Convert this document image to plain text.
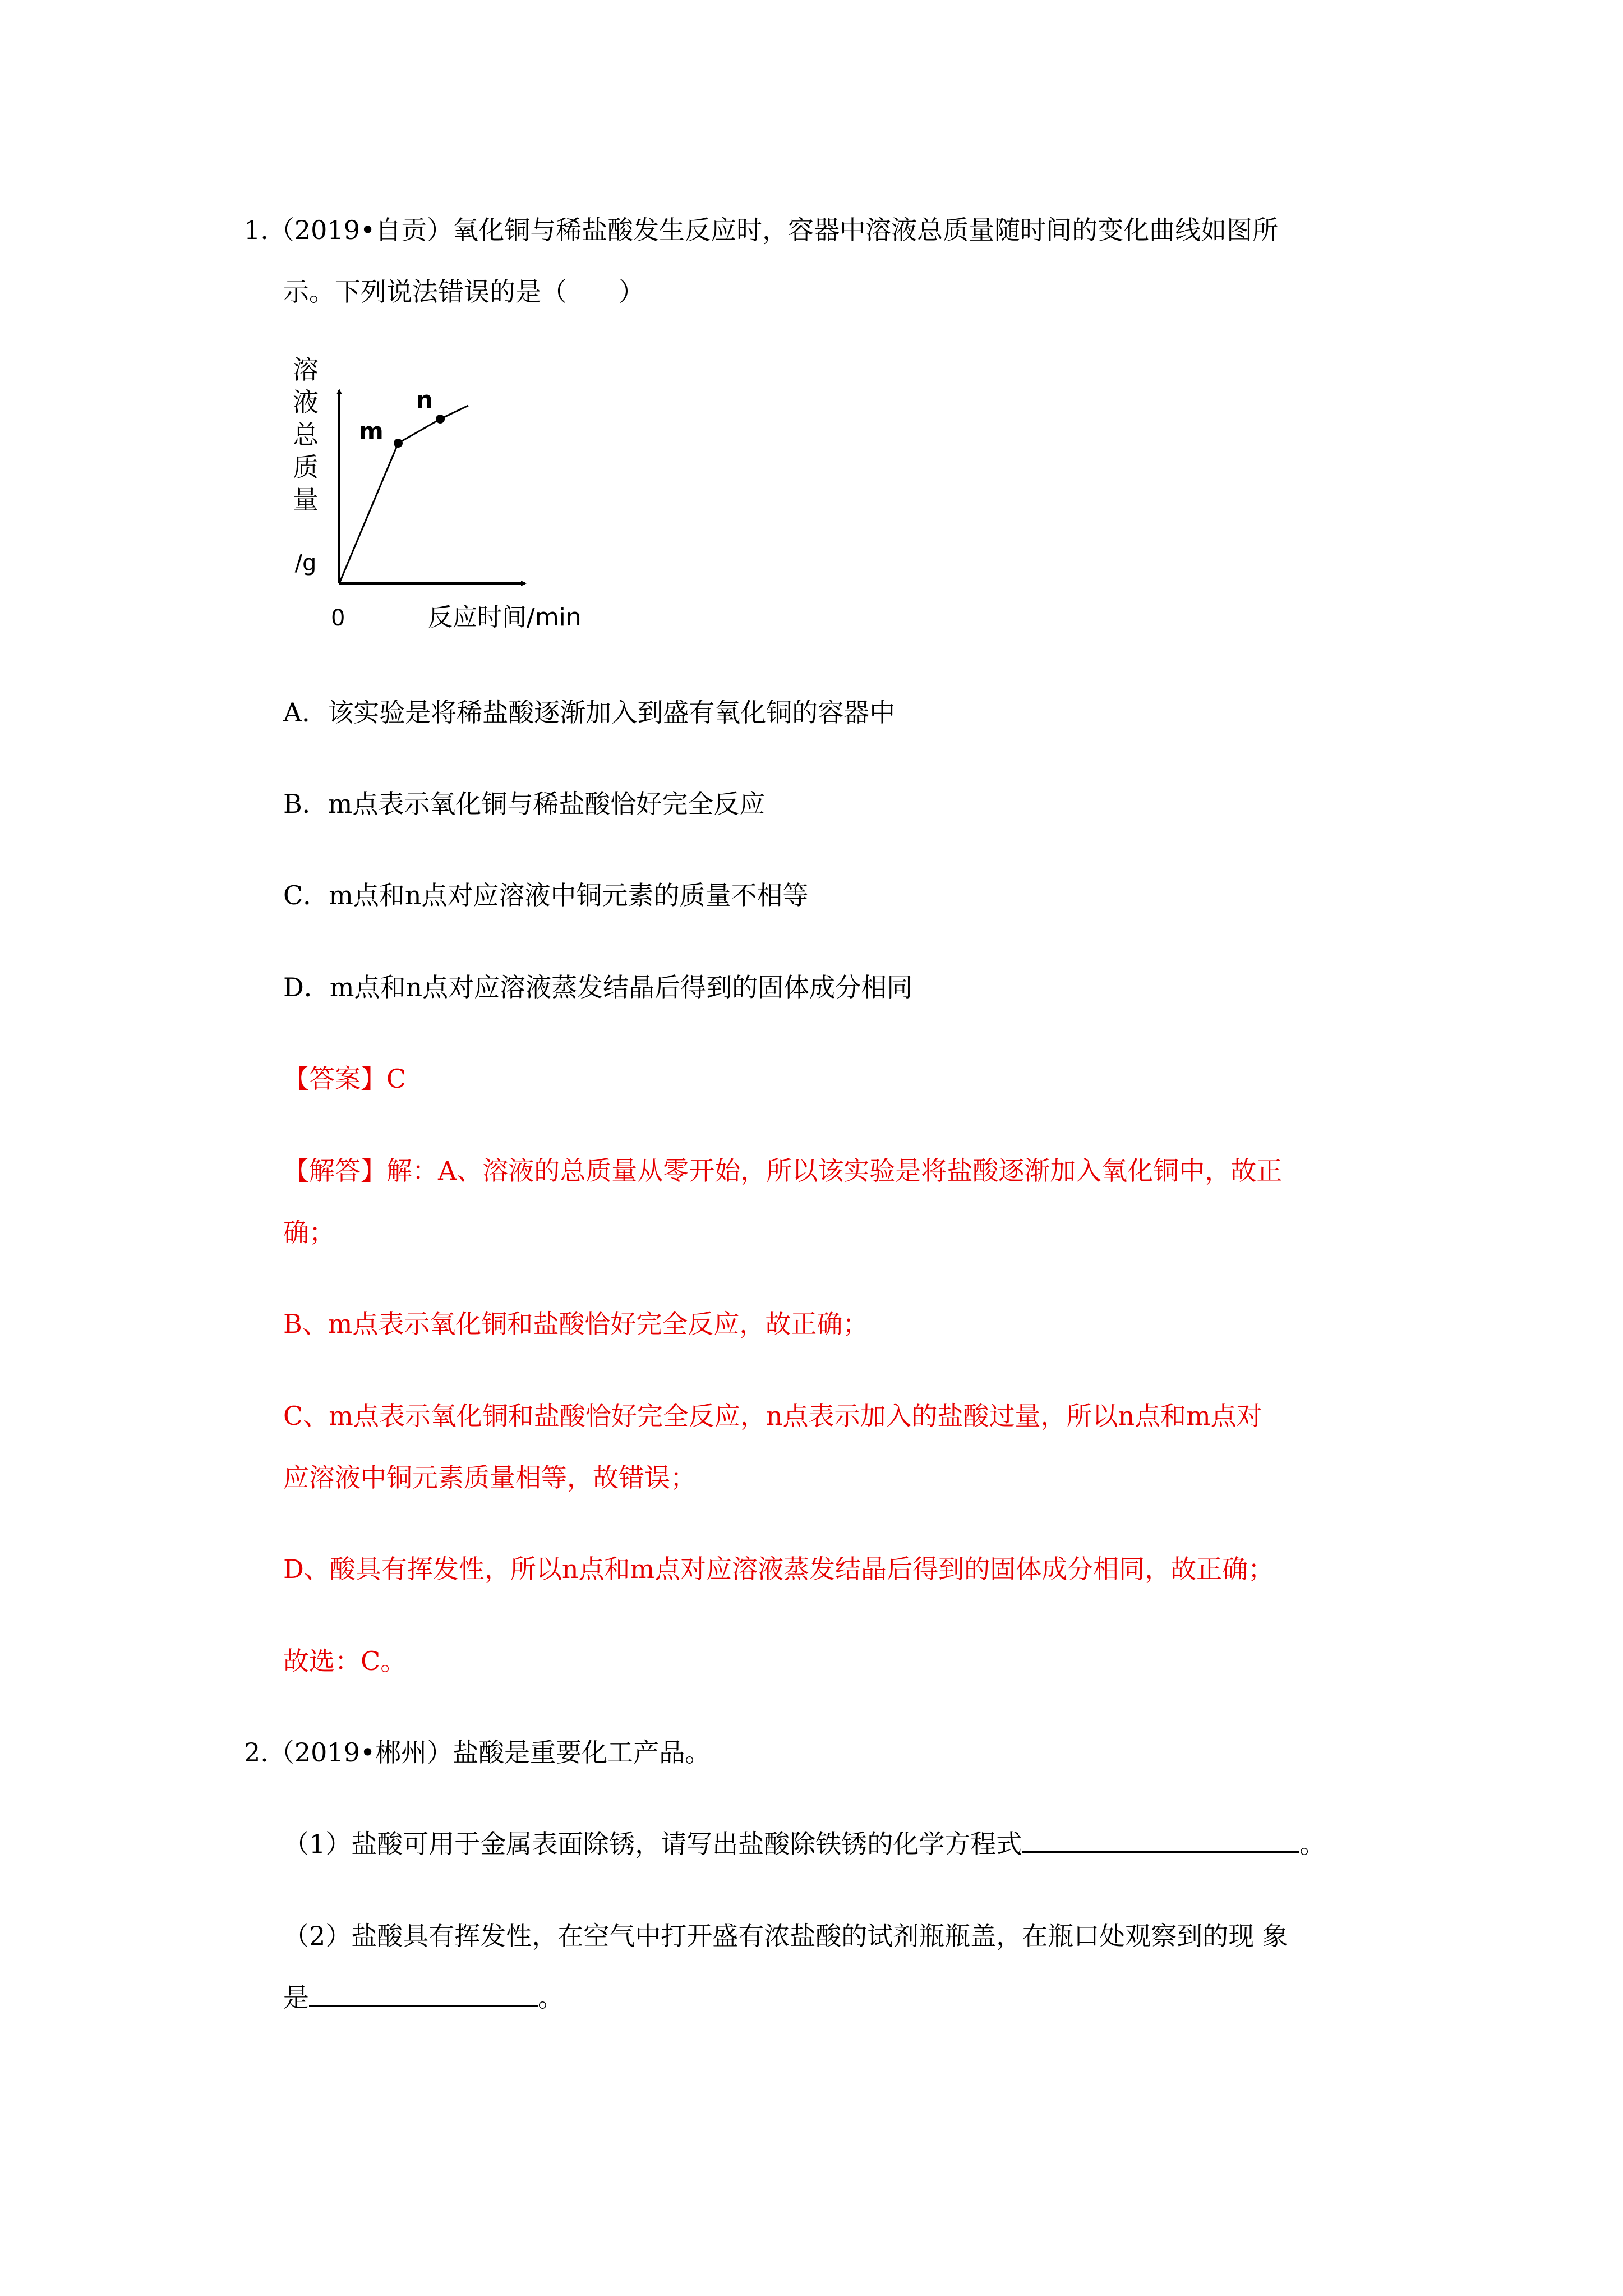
1.（2019•自贡）氧化铜与稀盐酸发生反应时，容器中溶液总质量随时间的变化曲线如图所
示。下列说法错误的是（　　）
溶
液
总
质
量
/g
m
n
0	反应时间/min
A．该实验是将稀盐酸逐渐加入到盛有氧化铜的容器中
B．m点表示氧化铜与稀盐酸恰好完全反应
C．m点和n点对应溶液中铜元素的质量不相等
D．m点和n点对应溶液蒸发结晶后得到的固体成分相同
【答案】C
【解答】解：A、溶液的总质量从零开始，所以该实验是将盐酸逐渐加入氧化铜中，故正
确；
B、m点表示氧化铜和盐酸恰好完全反应，故正确；
C、m点表示氧化铜和盐酸恰好完全反应，n点表示加入的盐酸过量，所以n点和m点对
应溶液中铜元素质量相等，故错误；
D、酸具有挥发性，所以n点和m点对应溶液蒸发结晶后得到的固体成分相同，故正确；
故选：C。
2.（2019•郴州）盐酸是重要化工产品。
（1）盐酸可用于金属表面除锈，请写出盐酸除铁锈的化学方程式	。
（2）盐酸具有挥发性，在空气中打开盛有浓盐酸的试剂瓶瓶盖，在瓶口处观察到的现 象
是	。
